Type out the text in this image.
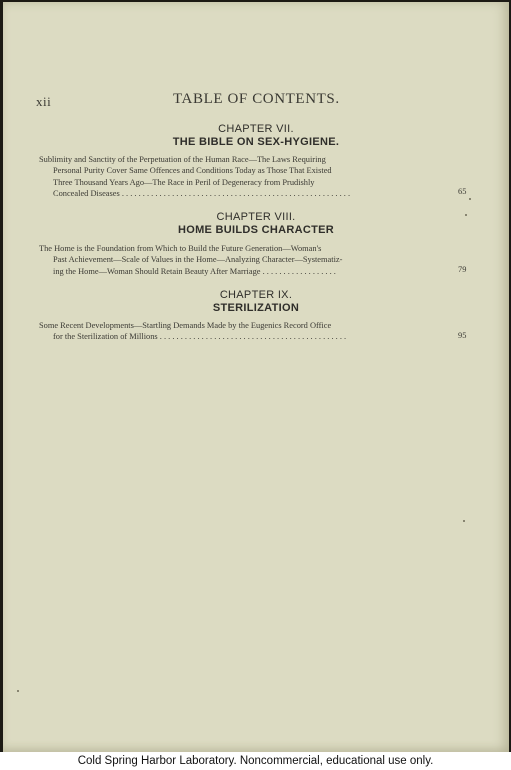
xii	TABLE OF CONTENTS.
CHAPTER VII.
THE BIBLE ON SEX-HYGIENE.
Sublimity and Sanctity of the Perpetuation of the Human Race—The Laws Requiring
Personal Purity Cover Same Offences and Conditions Today as Those That Existed
Three Thousand Years Ago—The Race in Peril of Degeneracy from Prudishly
Concealed Diseases . . . . . . . . . . . . . . . . . . . . . . . . . . . . . . . . . . . . . . . . . . . . . . . . . . . . . . .	65
CHAPTER VIII.
HOME BUILDS CHARACTER
The Home is the Foundation from Which to Build the Future Generation—Woman's
Past Achievement—Scale of Values in the Home—Analyzing Character—Systematiz-
ing the Home—Woman Should Retain Beauty After Marriage . . . . . . . . . . . . . . . . . .	79
CHAPTER IX.
STERILIZATION
Some Recent Developments—Startling Demands Made by the Eugenics Record Office
for the Sterilization of Millions . . . . . . . . . . . . . . . . . . . . . . . . . . . . . . . . . . . . . . . . . . . . .	95
Cold Spring Harbor Laboratory. Noncommercial, educational use only.
